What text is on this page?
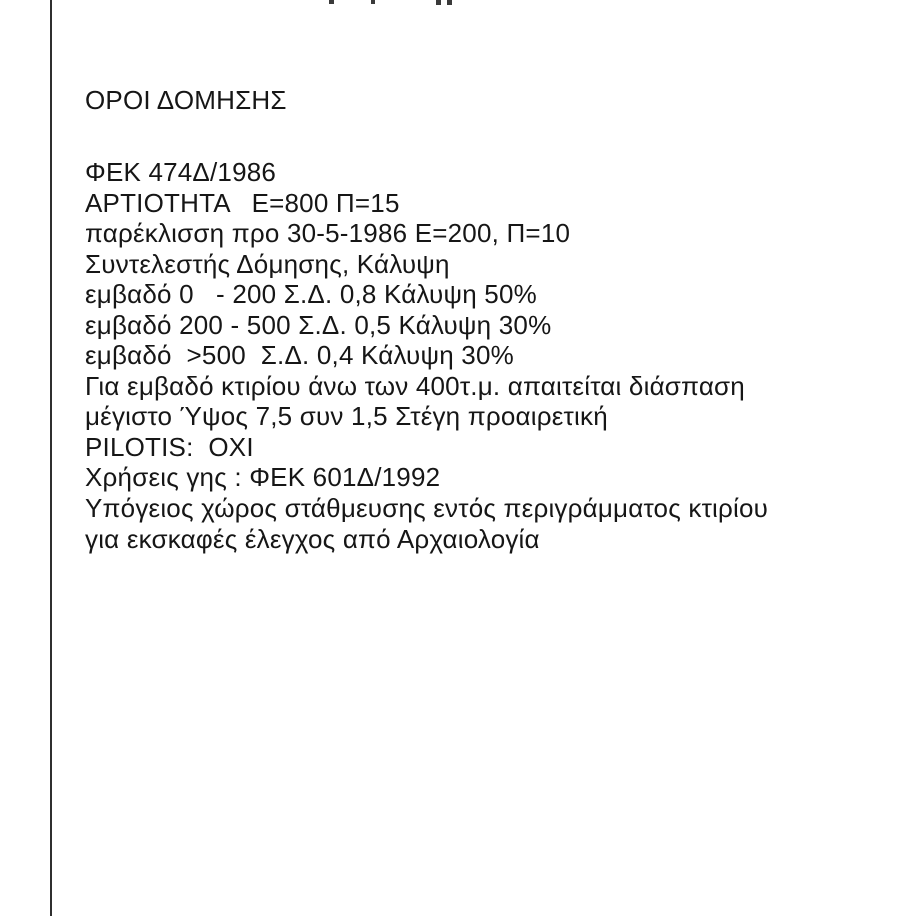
ΟΡΟΙ ΔΟΜΗΣΗΣ
ΦΕΚ 474Δ/1986
ΑΡΤΙΟΤΗΤΑ   Ε=800 Π=15
παρέκλισση προ 30-5-1986 Ε=200, Π=10
Συντελεστής Δόμησης, Κάλυψη
εμβαδό 0   - 200 Σ.Δ. 0,8 Κάλυψη 50%
εμβαδό 200 - 500 Σ.Δ. 0,5 Κάλυψη 30%
εμβαδό  >500  Σ.Δ. 0,4 Κάλυψη 30%
Για εμβαδό κτιρίου άνω των 400τ.μ. απαιτείται διάσπαση
μέγιστο Ύψος 7,5 συν 1,5 Στέγη προαιρετική
PILOTIS:  ΟΧΙ
Χρήσεις γης : ΦΕΚ 601Δ/1992
Υπόγειος χώρος στάθμευσης εντός περιγράμματος κτιρίου
για εκσκαφές έλεγχος από Αρχαιολογία
